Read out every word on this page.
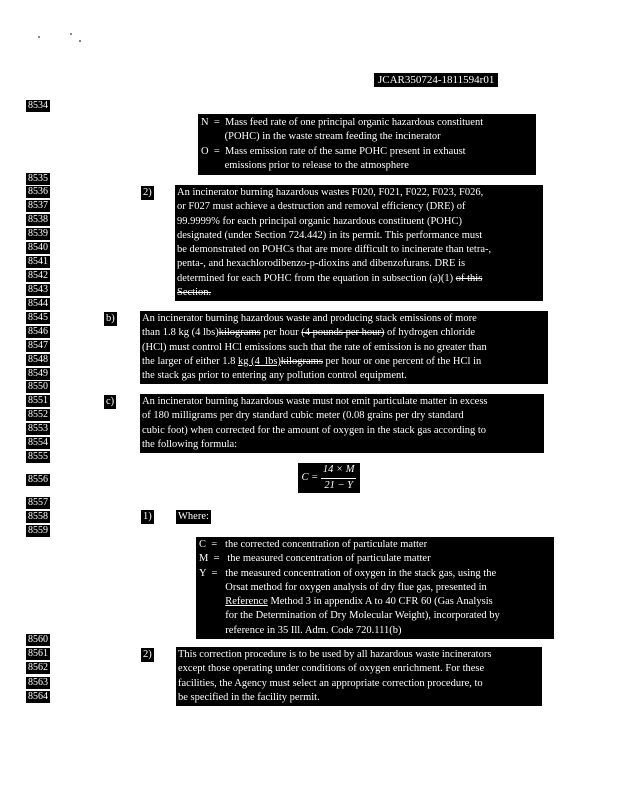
JCAR350724-1811594r01
8534
8535
8536
8537
8538
8539
8540
8541
8542
8543
8544
8545
8546
8547
8548
8549
8550
8551
8552
8553
8554
8555
8556
8557
8558
8559
8560
8561
8562
8563
8564

N  =  Mass feed rate of one principal organic hazardous constituent

(POHC) in the waste stream feeding the incinerator

O  =  Mass emission rate of the same POHC present in exhaust

emissions prior to release to the atmosphere

2) An incinerator burning hazardous wastes F020, F021, F022, F023, F026,

or F027 must achieve a destruction and removal efficiency (DRE) of

99.9999% for each principal organic hazardous constituent (POHC)

designated (under Section 724.442) in its permit. This performance must

be demonstrated on POHCs that are more difficult to incinerate than tetra-,

penta-, and hexachlorodibenzo-p-dioxins and dibenzofurans. DRE is

determined for each POHC from the equation in subsection (a)(1) of this

Section.

b)	An incinerator burning hazardous waste and producing stack emissions of more

than 1.8 kg (4 lbs)kilograms per hour (4 pounds per hour) of hydrogen chloride

(HCl) must control HCl emissions such that the rate of emission is no greater than

the larger of either 1.8 kg (4  lbs)kilograms per hour or one percent of the HCl in

the stack gas prior to entering any pollution control equipment.

c)	An incinerator burning hazardous waste must not emit particulate matter in excess

of 180 milligrams per dry standard cubic meter (0.08 grains per dry standard

cubic foot) when corrected for the amount of oxygen in the stack gas according to

the following formula:

$C = \frac{14 \times M}{21 - Y}$
1)	Where:

C  =   the corrected concentration of particulate matter

M  =   the measured concentration of particulate matter

Y  =   the measured concentration of oxygen in the stack gas, using the

Orsat method for oxygen analysis of dry flue gas, presented in

Reference Method 3 in appendix A to 40 CFR 60 (Gas Analysis

for the Determination of Dry Molecular Weight), incorporated by

reference in 35 Ill. Adm. Code 720.111(b)

2)	This correction procedure is to be used by all hazardous waste incinerators

except those operating under conditions of oxygen enrichment. For these

facilities, the Agency must select an appropriate correction procedure, to

be specified in the facility permit.
